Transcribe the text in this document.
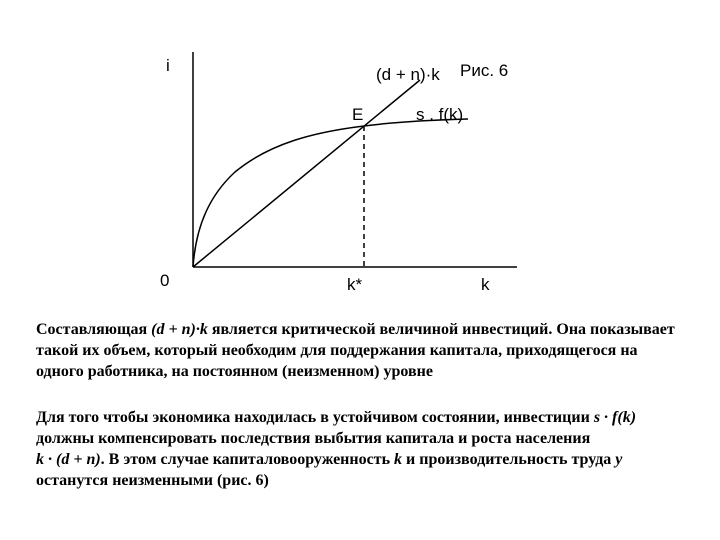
i
0	k
k*
E
(d + n)·k
s . f(k)
Рис. 6

Составляющая (d + n)·k является критической величиной инвестиций. Она показывает такой их объем, который необходим для поддержания капитала, приходящегося на одного работника, на постоянном (неизменном) уровне

Для того чтобы экономика находилась в устойчивом состоянии, инвестиции s · f(k) должны компенсировать последствия выбытия капитала и роста населения

k · (d + n). В этом случае капиталовооруженность k и производительность труда y останутся неизменными (рис. 6)
